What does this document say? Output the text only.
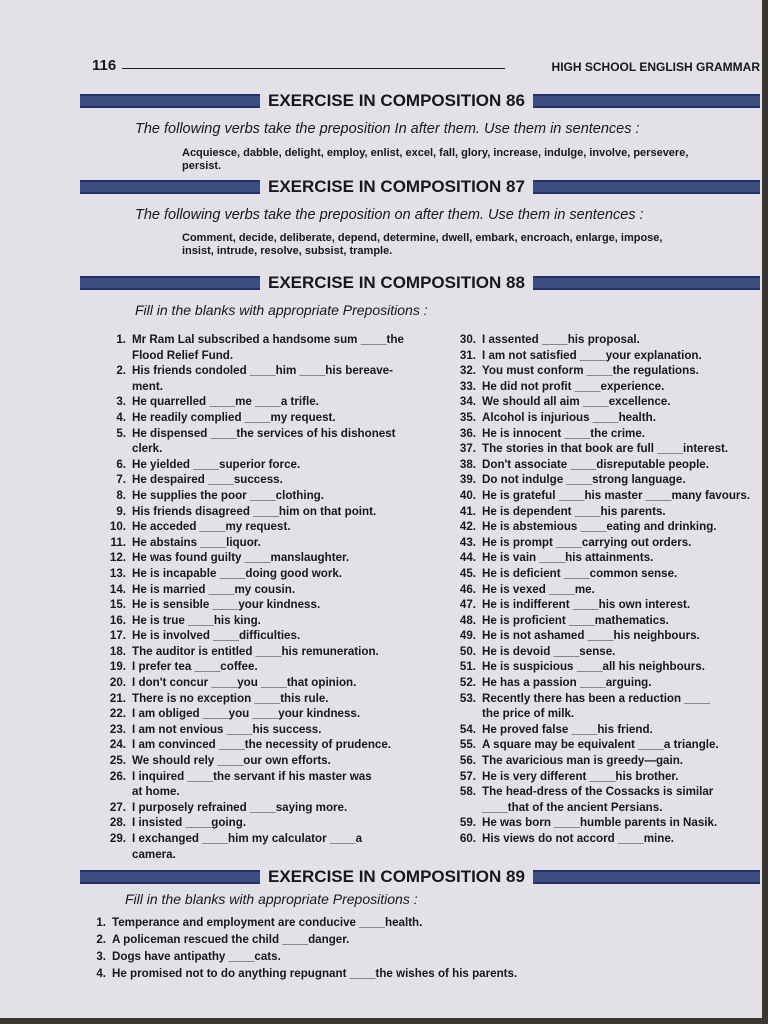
116	HIGH SCHOOL ENGLISH GRAMMAR
EXERCISE IN COMPOSITION 86
The following verbs take the preposition In after them. Use them in sentences :
Acquiesce, dabble, delight, employ, enlist, excel, fall, glory, increase, indulge, involve, persevere,
persist.
EXERCISE IN COMPOSITION 87
The following verbs take the preposition on after them. Use them in sentences :
Comment, decide, deliberate, depend, determine, dwell, embark, encroach, enlarge, impose,
insist, intrude, resolve, subsist, trample.
EXERCISE IN COMPOSITION 88
Fill in the blanks with appropriate Prepositions :
1. Mr Ram Lal subscribed a handsome sum ____the
Flood Relief Fund.
2. His friends condoled ____him ____his bereave-
ment.
3. He quarrelled ____me ____a trifle.
4. He readily complied ____my request.
5. He dispensed ____the services of his dishonest
clerk.
6. He yielded ____superior force.
7. He despaired ____success.
8. He supplies the poor ____clothing.
9. His friends disagreed ____him on that point.
10. He acceded ____my request.
11. He abstains ____liquor.
12. He was found guilty ____manslaughter.
13. He is incapable ____doing good work.
14. He is married ____my cousin.
15. He is sensible ____your kindness.
16. He is true ____his king.
17. He is involved ____difficulties.
18. The auditor is entitled ____his remuneration.
19. I prefer tea ____coffee.
20. I don't concur ____you ____that opinion.
21. There is no exception ____this rule.
22. I am obliged ____you ____your kindness.
23. I am not envious ____his success.
24. I am convinced ____the necessity of prudence.
25. We should rely ____our own efforts.
26. I inquired ____the servant if his master was
at home.
27. I purposely refrained ____saying more.
28. I insisted ____going.
29. I exchanged ____him my calculator ____a
camera.
30. I assented ____his proposal.
31. I am not satisfied ____your explanation.
32. You must conform ____the regulations.
33. He did not profit ____experience.
34. We should all aim ____excellence.
35. Alcohol is injurious ____health.
36. He is innocent ____the crime.
37. The stories in that book are full ____interest.
38. Don't associate ____disreputable people.
39. Do not indulge ____strong language.
40. He is grateful ____his master ____many favours.
41. He is dependent ____his parents.
42. He is abstemious ____eating and drinking.
43. He is prompt ____carrying out orders.
44. He is vain ____his attainments.
45. He is deficient ____common sense.
46. He is vexed ____me.
47. He is indifferent ____his own interest.
48. He is proficient ____mathematics.
49. He is not ashamed ____his neighbours.
50. He is devoid ____sense.
51. He is suspicious ____all his neighbours.
52. He has a passion ____arguing.
53. Recently there has been a reduction ____
the price of milk.
54. He proved false ____his friend.
55. A square may be equivalent ____a triangle.
56. The avaricious man is greedy—gain.
57. He is very different ____his brother.
58. The head-dress of the Cossacks is similar
____that of the ancient Persians.
59. He was born ____humble parents in Nasik.
60. His views do not accord ____mine.
EXERCISE IN COMPOSITION 89
Fill in the blanks with appropriate Prepositions :
1. Temperance and employment are conducive ____health.
2. A policeman rescued the child ____danger.
3. Dogs have antipathy ____cats.
4. He promised not to do anything repugnant ____the wishes of his parents.
